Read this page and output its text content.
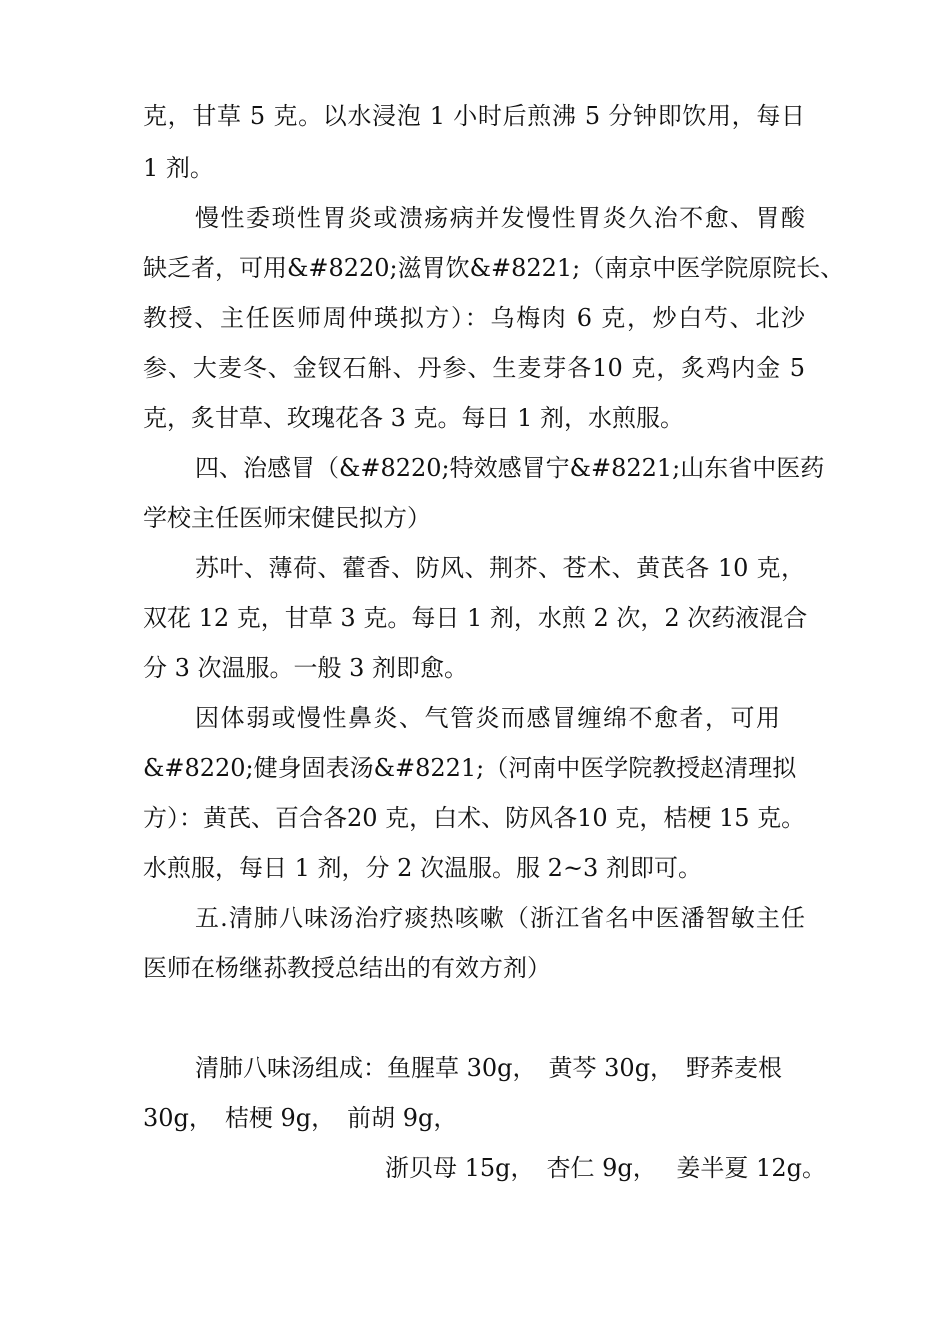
克，甘草 5 克。以水浸泡 1 小时后煎沸 5 分钟即饮用，每日
1 剂。
慢性委琐性胃炎或溃疡病并发慢性胃炎久治不愈、胃酸
缺乏者，可用&#8220;滋胃饮&#8221;（南京中医学院原院长、
教授、主任医师周仲瑛拟方）：乌梅肉 6 克，炒白芍、北沙
参、大麦冬、金钗石斛、丹参、生麦芽各10 克，炙鸡内金 5
克，炙甘草、玫瑰花各 3 克。每日 1 剂，水煎服。
四、治感冒（&#8220;特效感冒宁&#8221;山东省中医药
学校主任医师宋健民拟方）
苏叶、薄荷、藿香、防风、荆芥、苍术、黄芪各 10 克，
双花 12 克，甘草 3 克。每日 1 剂，水煎 2 次，2 次药液混合
分 3 次温服。一般 3 剂即愈。
因体弱或慢性鼻炎、气管炎而感冒缠绵不愈者，可用
&#8220;健身固表汤&#8221;（河南中医学院教授赵清理拟
方）：黄芪、百合各20 克，白术、防风各10 克，桔梗 15 克。
水煎服，每日 1 剂，分 2 次温服。服 2~3 剂即可。
五.清肺八味汤治疗痰热咳嗽（浙江省名中医潘智敏主任
医师在杨继荪教授总结出的有效方剂）
清肺八味汤组成：鱼腥草 30g，　黄芩 30g，　野荞麦根
30g，　桔梗 9g，　前胡 9g，
浙贝母 15g，　杏仁 9g，　 姜半夏 12g。
